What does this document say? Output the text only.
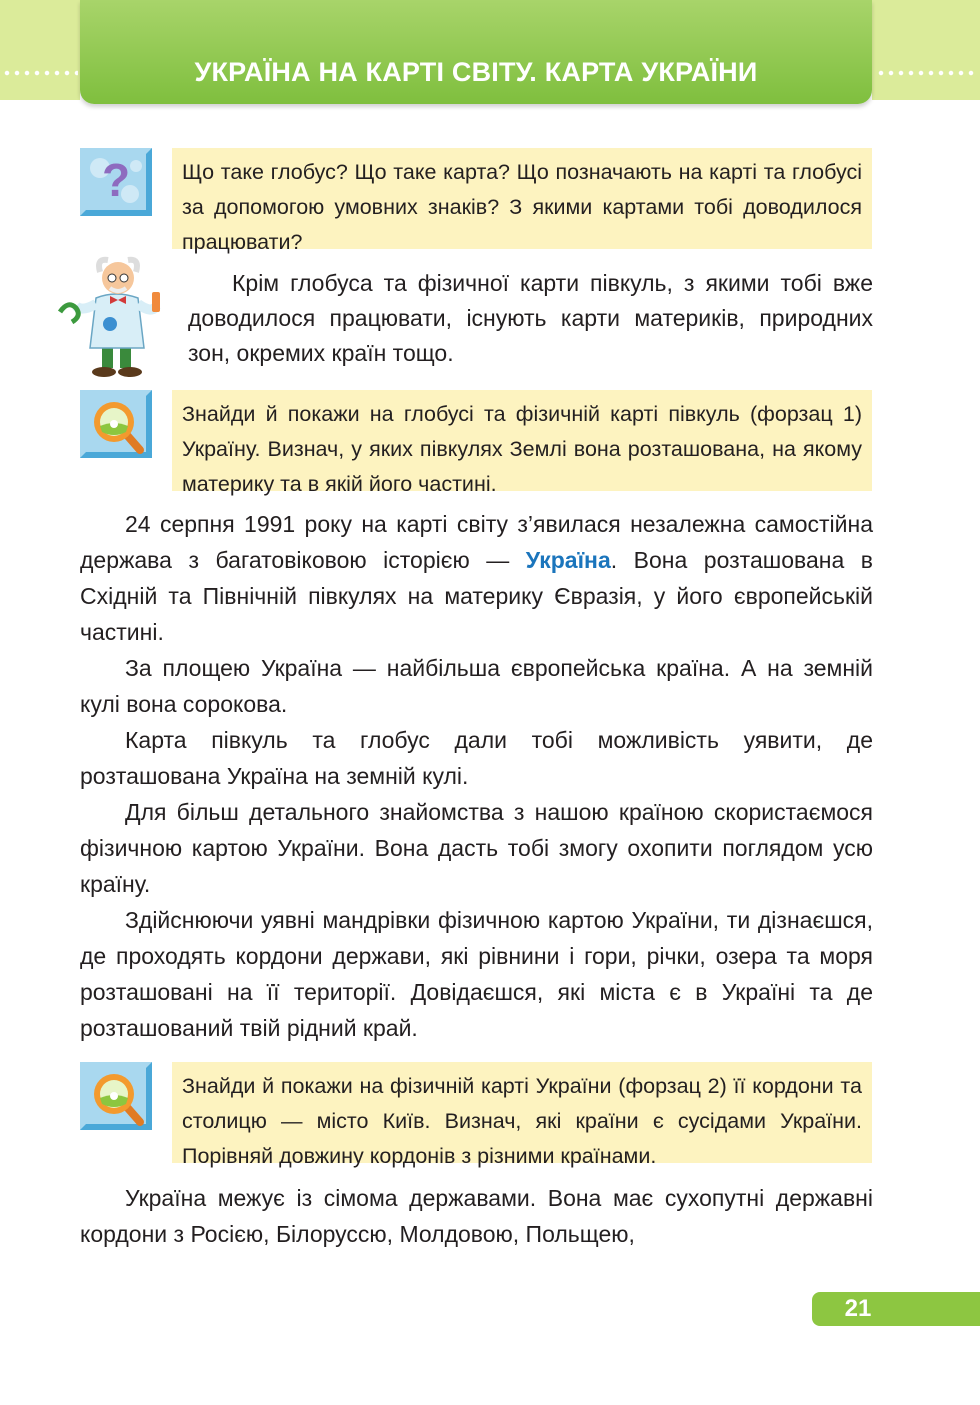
УКРАЇНА НА КАРТІ СВІТУ. КАРТА УКРАЇНИ
? Що таке глобус? Що таке карта? Що позначають на карті та глобусі за допомогою умовних знаків? З якими картами тобі доводилося працювати?

Крім глобуса та фізичної карти півкуль, з якими тобі вже доводилося працювати, існують карти материків, природних зон, окремих країн тощо.

Знайди й покажи на глобусі та фізичній карті півкуль (форзац 1) Україну. Визнач, у яких півкулях Землі вона розташована, на якому материку та в якій його частині.

24 серпня 1991 року на карті світу з’явилася незалежна самостійна держава з багатовіковою історією — Україна. Вона розташована в Східній та Північній півкулях на материку Євразія, у його європейській частині.

За площею Україна — найбільша європейська країна. А на земній кулі вона сорокова.

Карта півкуль та глобус дали тобі можливість уявити, де розташована Україна на земній кулі.

Для більш детального знайомства з нашою країною скористаємося фізичною картою України. Вона дасть тобі змогу охопити поглядом усю країну.

Здійснюючи уявні мандрівки фізичною картою України, ти дізнаєшся, де проходять кордони держави, які рівнини і гори, річки, озера та моря розташовані на її території. Довідаєшся, які міста є в Україні та де розташований твій рідний край.

Знайди й покажи на фізичній карті України (форзац 2) її кордони та столицю — місто Київ. Визнач, які країни є сусідами України. Порівняй довжину кордонів з різними країнами.

Україна межує із сімома державами. Вона має сухопутні державні кордони з Росією, Білоруссю, Молдовою, Польщею,

21
